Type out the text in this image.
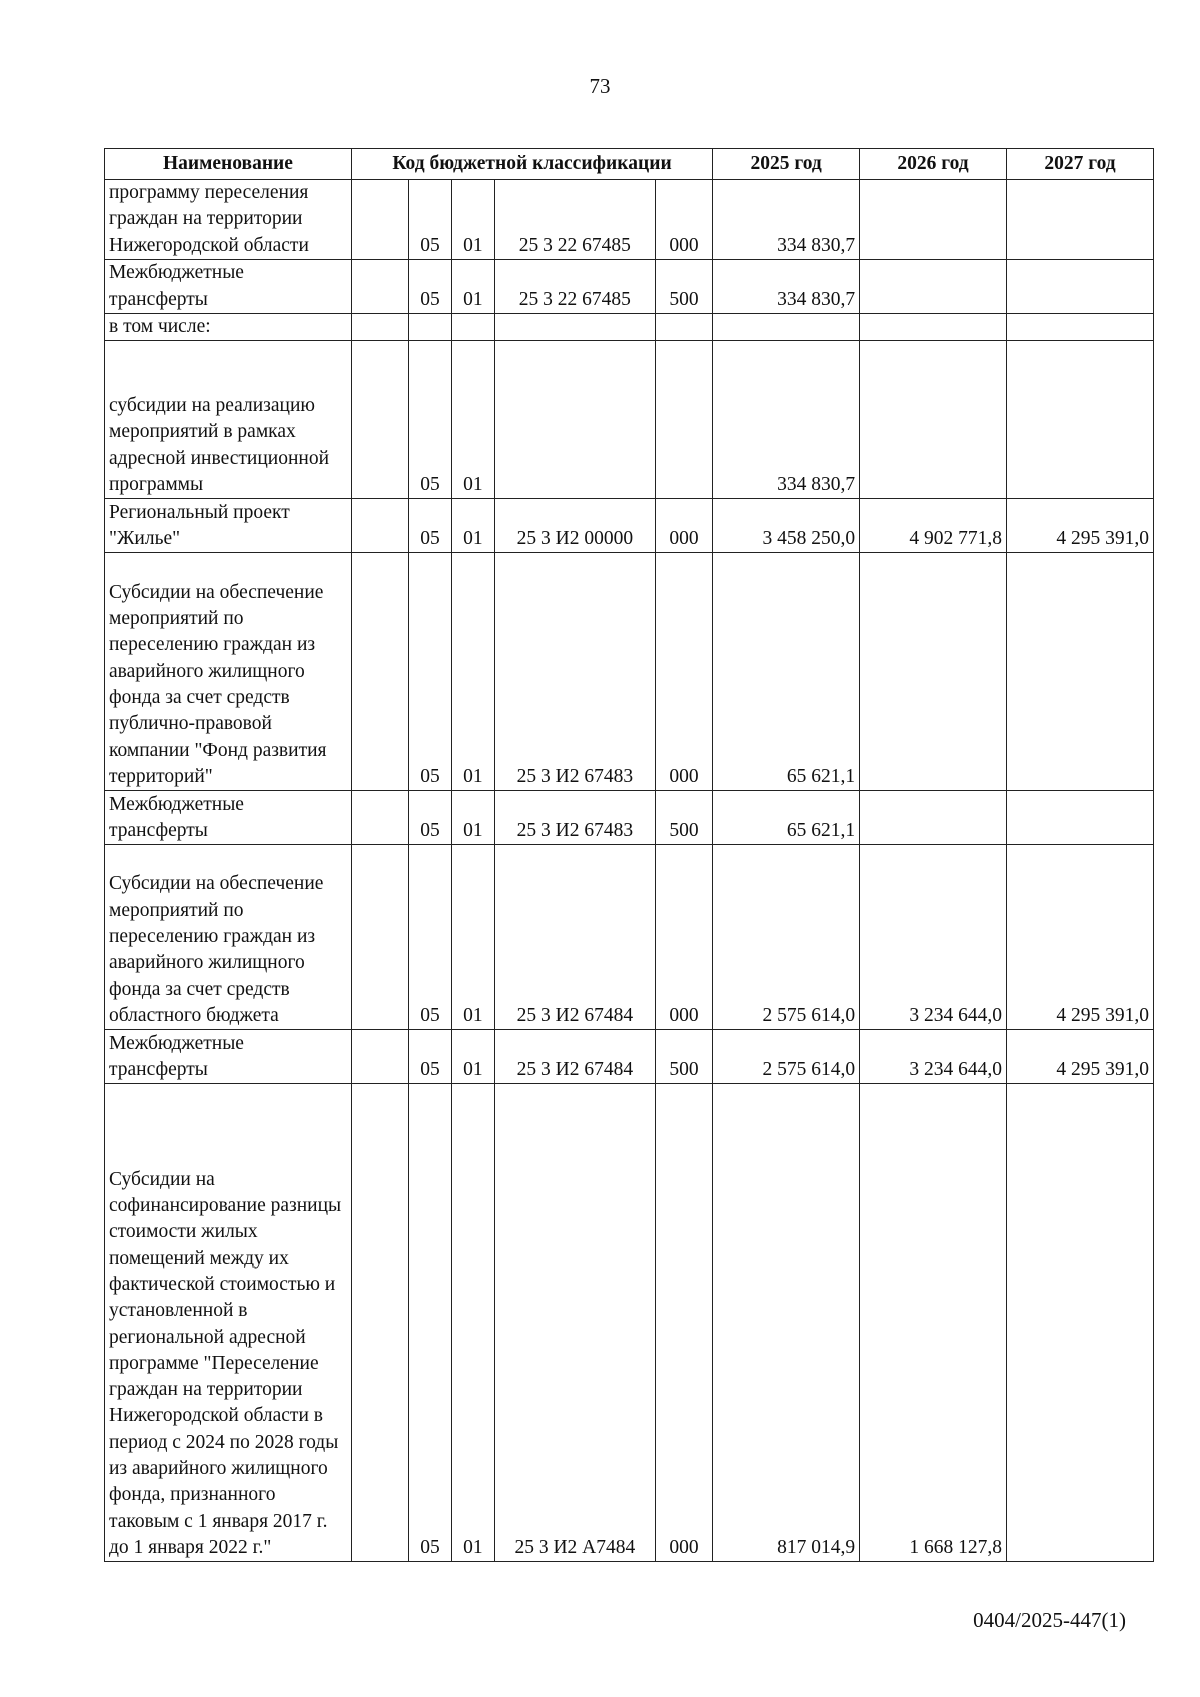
73
Наименование	Код бюджетной классификации					2025 год	2026 год	2027 год
программу переселения граждан на территории Нижегородской области		05	01	25 3 22 67485	000	334 830,7		
Межбюджетные трансферты		05	01	25 3 22 67485	500	334 830,7		
в том числе:								
субсидии на реализацию мероприятий в рамках адресной инвестиционной программы		05	01			334 830,7		
Региональный проект "Жилье"		05	01	25 3 И2 00000	000	3 458 250,0	4 902 771,8	4 295 391,0
Субсидии на обеспечение мероприятий по переселению граждан из аварийного жилищного фонда за счет средств публично-правовой компании "Фонд развития территорий"		05	01	25 3 И2 67483	000	65 621,1		
Межбюджетные трансферты		05	01	25 3 И2 67483	500	65 621,1		
Субсидии на обеспечение мероприятий по переселению граждан из аварийного жилищного фонда за счет средств областного бюджета		05	01	25 3 И2 67484	000	2 575 614,0	3 234 644,0	4 295 391,0
Межбюджетные трансферты		05	01	25 3 И2 67484	500	2 575 614,0	3 234 644,0	4 295 391,0
Субсидии на софинансирование разницы стоимости жилых помещений между их фактической стоимостью и установленной в региональной адресной программе "Переселение граждан на территории Нижегородской области в период с 2024 по 2028 годы из аварийного жилищного фонда, признанного таковым с 1 января 2017 г. до 1 января 2022 г."		05	01	25 3 И2 А7484	000	817 014,9	1 668 127,8	
0404/2025-447(1)
